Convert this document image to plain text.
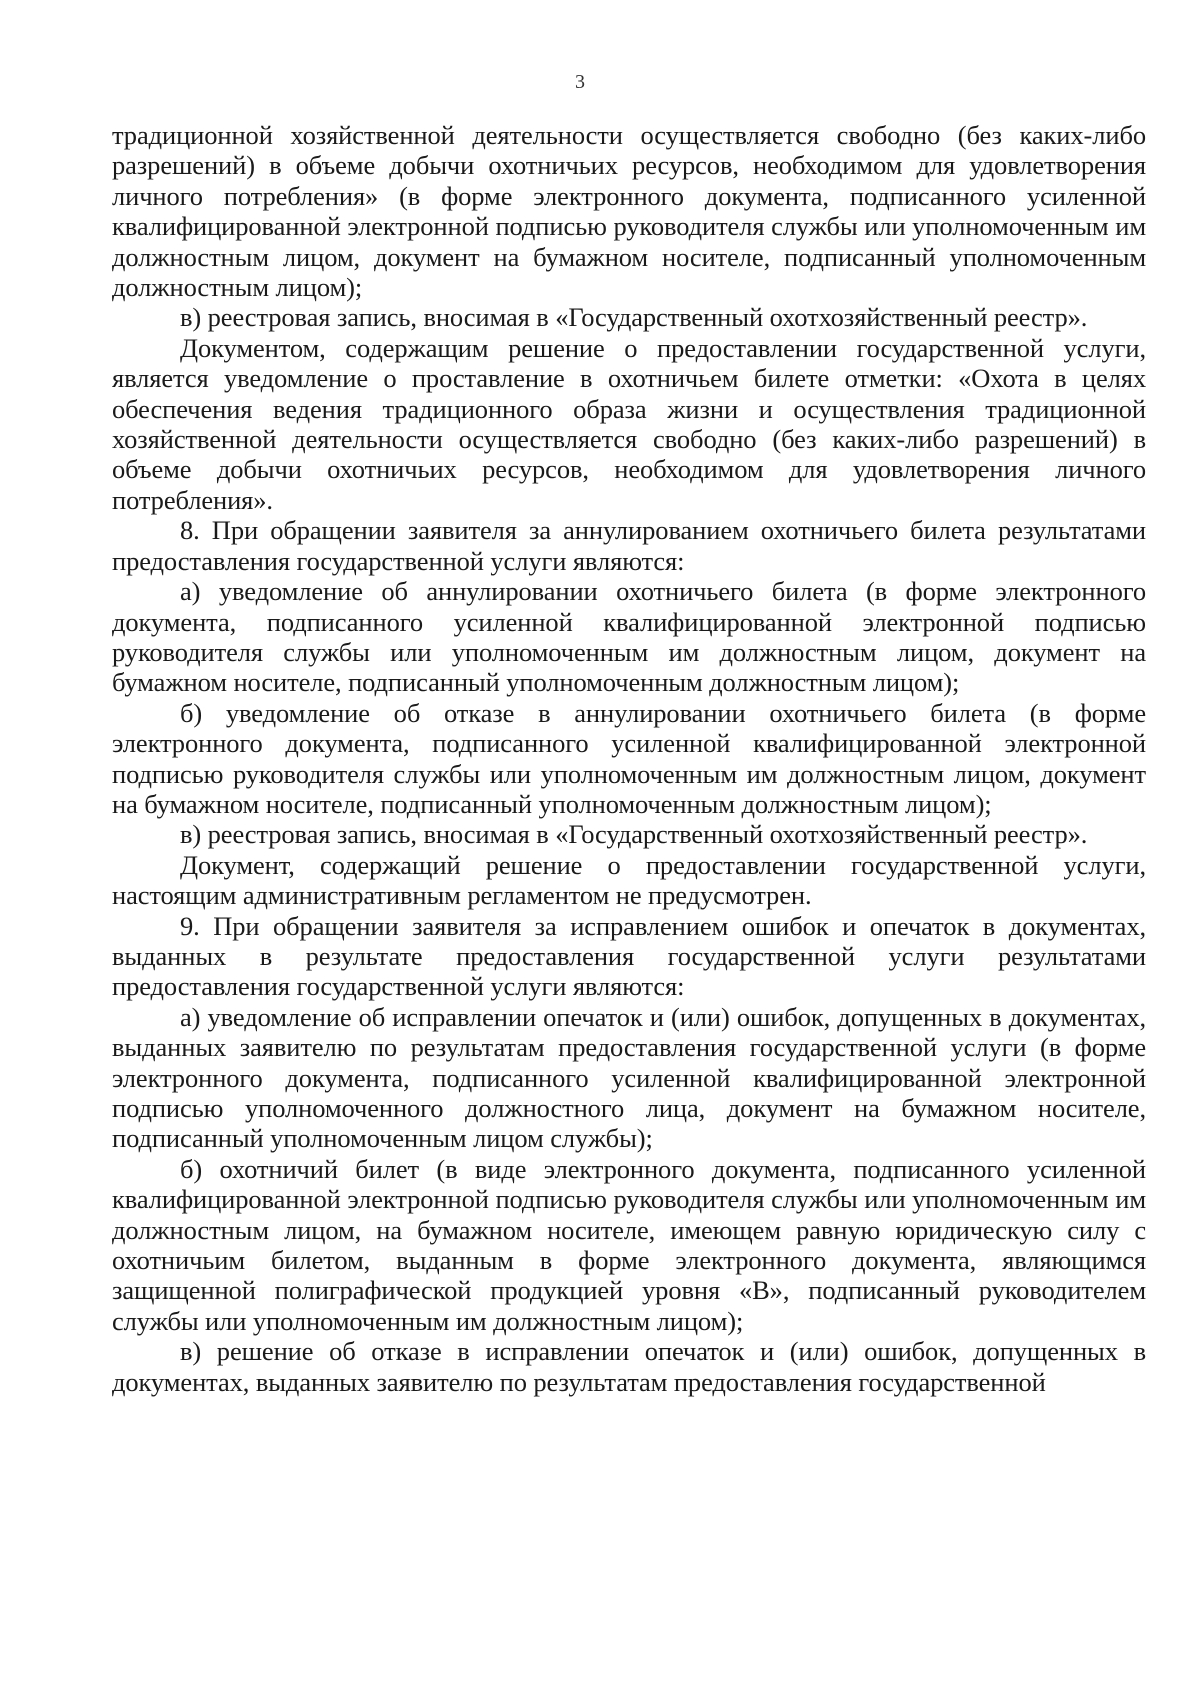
3

традиционной хозяйственной деятельности осуществляется свободно (без каких-либо разрешений) в объеме добычи охотничьих ресурсов, необходимом для удовлетворения личного потребления» (в форме электронного документа, подписанного усиленной квалифицированной электронной подписью руководителя службы или уполномоченным им должностным лицом, документ на бумажном носителе, подписанный уполномоченным должностным лицом);

в) реестровая запись, вносимая в «Государственный охотхозяйственный реестр».

Документом, содержащим решение о предоставлении государственной услуги, является уведомление о проставление в охотничьем билете отметки: «Охота в целях обеспечения ведения традиционного образа жизни и осуществления традиционной хозяйственной деятельности осуществляется свободно (без каких-либо разрешений) в объеме добычи охотничьих ресурсов, необходимом для удовлетворения личного потребления».

8. При обращении заявителя за аннулированием охотничьего билета результатами предоставления государственной услуги являются:

а) уведомление об аннулировании охотничьего билета (в форме электронного документа, подписанного усиленной квалифицированной электронной подписью руководителя службы или уполномоченным им должностным лицом, документ на бумажном носителе, подписанный уполномоченным должностным лицом);

б) уведомление об отказе в аннулировании охотничьего билета (в форме электронного документа, подписанного усиленной квалифицированной электронной подписью руководителя службы или уполномоченным им должностным лицом, документ на бумажном носителе, подписанный уполномоченным должностным лицом);

в) реестровая запись, вносимая в «Государственный охотхозяйственный реестр».

Документ, содержащий решение о предоставлении государственной услуги, настоящим административным регламентом не предусмотрен.

9. При обращении заявителя за исправлением ошибок и опечаток в документах, выданных в результате предоставления государственной услуги результатами предоставления государственной услуги являются:

а) уведомление об исправлении опечаток и (или) ошибок, допущенных в документах, выданных заявителю по результатам предоставления государственной услуги (в форме электронного документа, подписанного усиленной квалифицированной электронной подписью уполномоченного должностного лица, документ на бумажном носителе, подписанный уполномоченным лицом службы);

б) охотничий билет (в виде электронного документа, подписанного усиленной квалифицированной электронной подписью руководителя службы или уполномоченным им должностным лицом, на бумажном носителе, имеющем равную юридическую силу с охотничьим билетом, выданным в форме электронного документа, являющимся защищенной полиграфической продукцией уровня «В», подписанный руководителем службы или уполномоченным им должностным лицом);

в) решение об отказе в исправлении опечаток и (или) ошибок, допущенных в документах, выданных заявителю по результатам предоставления государственной
